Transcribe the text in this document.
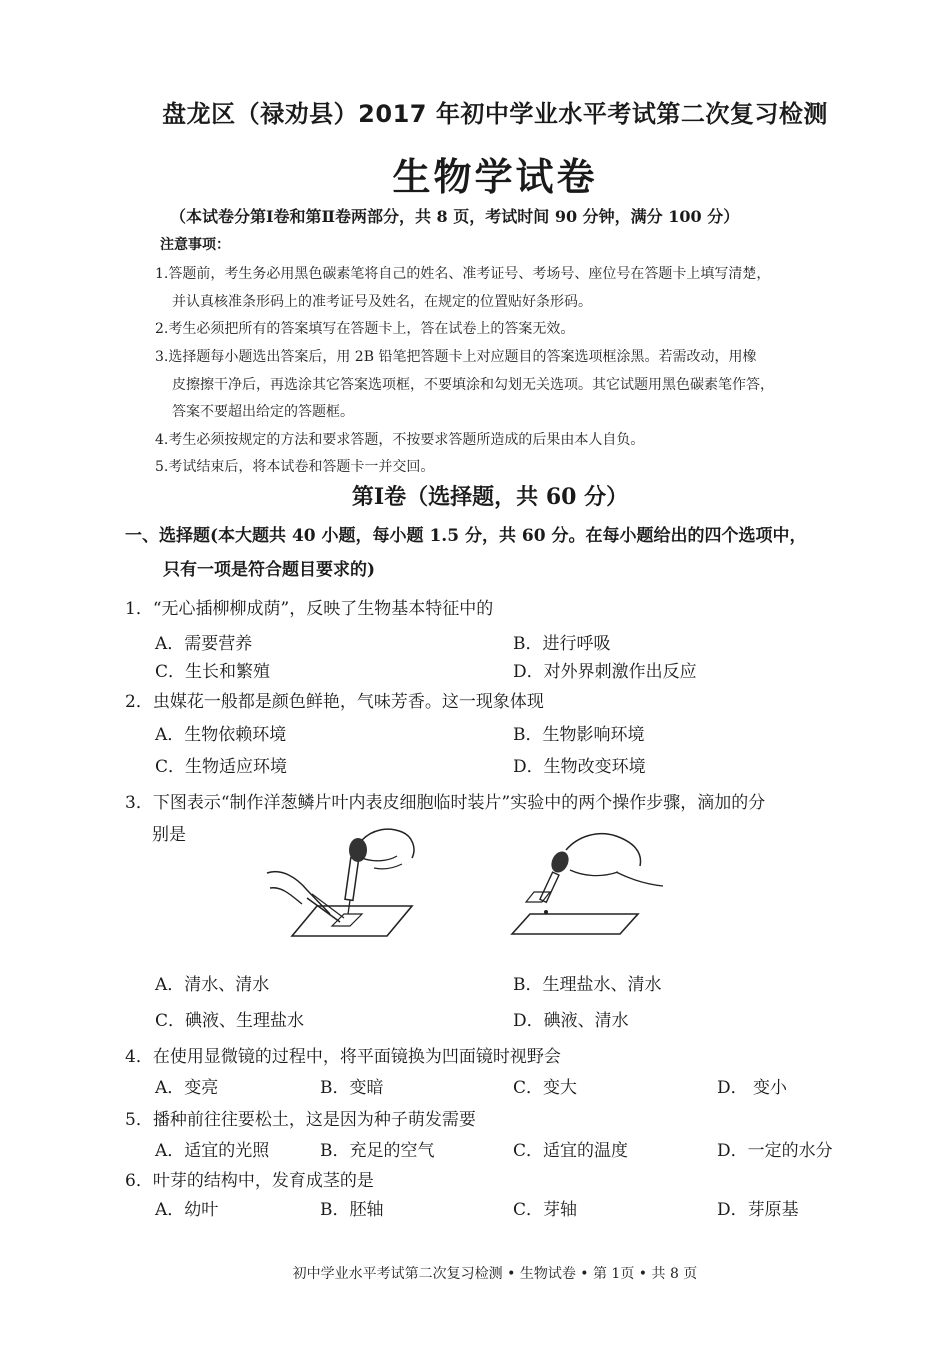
盘龙区（禄劝县）2017 年初中学业水平考试第二次复习检测
生物学试卷
（本试卷分第Ⅰ卷和第Ⅱ卷两部分，共 8 页，考试时间 90 分钟，满分 100 分）
注意事项：
1.答题前，考生务必用黑色碳素笔将自己的姓名、准考证号、考场号、座位号在答题卡上填写清楚，
并认真核准条形码上的准考证号及姓名，在规定的位置贴好条形码。
2.考生必须把所有的答案填写在答题卡上，答在试卷上的答案无效。
3.选择题每小题选出答案后，用 2B 铅笔把答题卡上对应题目的答案选项框涂黑。若需改动，用橡
皮擦擦干净后，再选涂其它答案选项框，不要填涂和勾划无关选项。其它试题用黑色碳素笔作答，
答案不要超出给定的答题框。
4.考生必须按规定的方法和要求答题，不按要求答题所造成的后果由本人自负。
5.考试结束后，将本试卷和答题卡一并交回。
第Ⅰ卷（选择题，共 60 分）
一、选择题(本大题共 40 小题，每小题 1.5 分，共 60 分。在每小题给出的四个选项中，
只有一项是符合题目要求的)
1．“无心插柳柳成荫”，反映了生物基本特征中的
A．需要营养	B．进行呼吸
C．生长和繁殖	D．对外界刺激作出反应
2．虫媒花一般都是颜色鲜艳，气味芳香。这一现象体现
A．生物依赖环境	B．生物影响环境
C．生物适应环境	D．生物改变环境
3．下图表示“制作洋葱鳞片叶内表皮细胞临时装片”实验中的两个操作步骤，滴加的分
别是
A．清水、清水	B．生理盐水、清水
C．碘液、生理盐水	D．碘液、清水
4．在使用显微镜的过程中，将平面镜换为凹面镜时视野会
A．变亮	B．变暗	C．变大	D． 变小
5．播种前往往要松土，这是因为种子萌发需要
A．适宜的光照	B．充足的空气	C．适宜的温度	D．一定的水分
6．叶芽的结构中，发育成茎的是
A．幼叶	B．胚轴	C．芽轴	D．芽原基
初中学业水平考试第二次复习检测 • 生物试卷 • 第 1页 • 共 8 页
